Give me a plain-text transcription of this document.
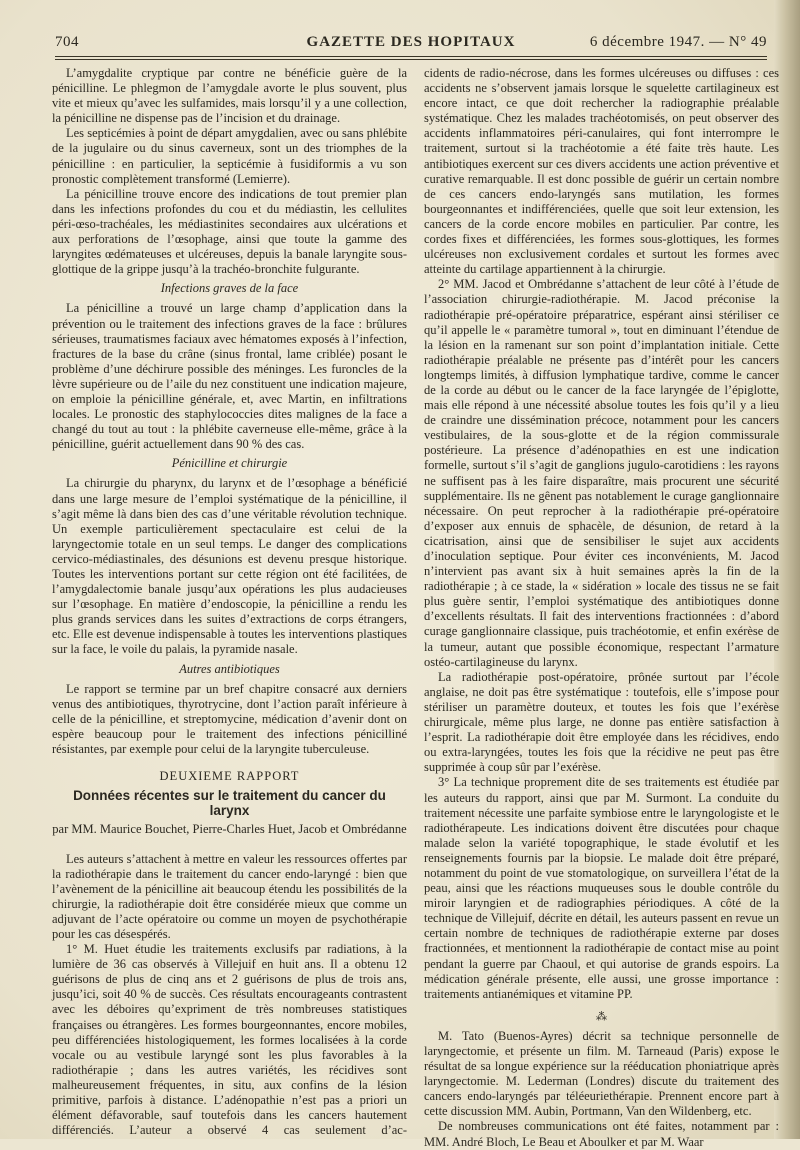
704	GAZETTE DES HOPITAUX	6 décembre 1947. — N° 49

L’amygdalite cryptique par contre ne bénéficie guère de la pénicilline. Le phlegmon de l’amygdale avorte le plus souvent, plus vite et mieux qu’avec les sulfamides, mais lorsqu’il y a une collection, la pénicilline ne dispense pas de l’incision et du drainage.

Les septicémies à point de départ amygdalien, avec ou sans phlébite de la jugulaire ou du sinus caverneux, sont un des triomphes de la pénicilline : en particulier, la septicémie à fusidiformis a vu son pronostic complètement transformé (Lemierre).

La pénicilline trouve encore des indications de tout premier plan dans les infections profondes du cou et du médiastin, les cellulites péri-œso-trachéales, les médiastinites secondaires aux ulcérations et aux perforations de l’œsophage, ainsi que toute la gamme des laryngites œdémateuses et ulcéreuses, depuis la banale laryngite sous-glottique de la grippe jusqu’à la trachéo-bronchite fulgurante.

Infections graves de la face

La pénicilline a trouvé un large champ d’application dans la prévention ou le traitement des infections graves de la face : brûlures sérieuses, traumatismes faciaux avec hématomes exposés à l’infection, fractures de la base du crâne (sinus frontal, lame criblée) posant le problème d’une déchirure possible des méninges. Les furoncles de la lèvre supérieure ou de l’aile du nez constituent une indication majeure, on emploie la pénicilline générale, et, avec Martin, en infiltrations locales. Le pronostic des staphylococcies dites malignes de la face a changé du tout au tout : la phlébite caverneuse elle-même, grâce à la pénicilline, guérit actuellement dans 90 % des cas.

Pénicilline et chirurgie

La chirurgie du pharynx, du larynx et de l’œsophage a bénéficié dans une large mesure de l’emploi systématique de la pénicilline, il s’agit même là dans bien des cas d’une véritable révolution technique. Un exemple particulièrement spectaculaire est celui de la laryngectomie totale en un seul temps. Le danger des complications cervico-médiastinales, des désunions est devenu presque historique. Toutes les interventions portant sur cette région ont été facilitées, de l’amygdalectomie banale jusqu’aux opérations les plus audacieuses sur l’œsophage. En matière d’endoscopie, la pénicilline a rendu les plus grands services dans les suites d’extractions de corps étrangers, etc. Elle est devenue indispensable à toutes les interventions plastiques sur la face, le voile du palais, la pyramide nasale.

Autres antibiotiques

Le rapport se termine par un bref chapitre consacré aux derniers venus des antibiotiques, thyrotrycine, dont l’action paraît inférieure à celle de la pénicilline, et streptomycine, médication d’avenir dont on espère beaucoup pour le traitement des infections pénicilliné résistantes, par exemple pour celui de la laryngite tuberculeuse.

DEUXIEME RAPPORT

Données récentes sur le traitement du cancer du larynx

par MM. Maurice Bouchet, Pierre-Charles Huet, Jacob et Ombrédanne

Les auteurs s’attachent à mettre en valeur les ressources offertes par la radiothérapie dans le traitement du cancer endo-laryngé : bien que l’avènement de la pénicilline ait beaucoup étendu les possibilités de la chirurgie, la radiothérapie doit être considérée mieux que comme un adjuvant de l’acte opératoire ou comme un moyen de psychothérapie pour les cas désespérés.

1° M. Huet étudie les traitements exclusifs par radiations, à la lumière de 36 cas observés à Villejuif en huit ans. Il a obtenu 12 guérisons de plus de cinq ans et 2 guérisons de plus de trois ans, jusqu’ici, soit 40 % de succès. Ces résultats encourageants contrastent avec les déboires qu’expriment de très nombreuses statistiques françaises ou étrangères. Les formes bourgeonnantes, encore mobiles, peu différenciées histologiquement, les formes localisées à la corde vocale ou au vestibule laryngé sont les plus favorables à la radiothérapie ; dans les autres variétés, les récidives sont malheureusement fréquentes, in situ, aux confins de la lésion primitive, parfois à distance. L’adénopathie n’est pas a priori un élément défavorable, sauf toutefois dans les cancers hautement différenciés. L’auteur a observé 4 cas seulement d’ac-

cidents de radio-nécrose, dans les formes ulcéreuses ou diffuses : ces accidents ne s’observent jamais lorsque le squelette cartilagineux est encore intact, ce que doit rechercher la radiographie préalable systématique. Chez les malades trachéotomisés, on peut observer des accidents inflammatoires péri-canulaires, qui font interrompre le traitement, surtout si la trachéotomie a été faite très haute. Les antibiotiques exercent sur ces divers accidents une action préventive et curative remarquable. Il est donc possible de guérir un certain nombre de ces cancers endo-laryngés sans mutilation, les formes bourgeonnantes et indifférenciées, quelle que soit leur extension, les cancers de la corde encore mobiles en particulier. Par contre, les cordes fixes et différenciées, les formes sous-glottiques, les formes ulcéreuses non exclusivement cordales et surtout les formes avec atteinte du cartilage appartiennent à la chirurgie.

2° MM. Jacod et Ombrédanne s’attachent de leur côté à l’étude de l’association chirurgie-radiothérapie. M. Jacod préconise la radiothérapie pré-opératoire préparatrice, espérant ainsi stériliser ce qu’il appelle le « paramètre tumoral », tout en diminuant l’étendue de la lésion en la ramenant sur son point d’implantation initiale. Cette radiothérapie préalable ne présente pas d’intérêt pour les cancers longtemps limités, à diffusion lymphatique tardive, comme le cancer de la corde au début ou le cancer de la face laryngée de l’épiglotte, mais elle répond à une nécessité absolue toutes les fois qu’il y a lieu de craindre une dissémination précoce, notamment pour les cancers vestibulaires, de la sous-glotte et de la région commissurale postérieure. La présence d’adénopathies en est une indication formelle, surtout s’il s’agit de ganglions jugulo-carotidiens : les rayons ne suffisent pas à les faire disparaître, mais procurent une sécurité supplémentaire. Ils ne gênent pas notablement le curage ganglionnaire nécessaire. On peut reprocher à la radiothérapie pré-opératoire d’exposer aux ennuis de sphacèle, de désunion, de retard à la cicatrisation, ainsi que de sensibiliser le sujet aux accidents d’inoculation septique. Pour éviter ces inconvénients, M. Jacod n’intervient pas avant six à huit semaines après la fin de la radiothérapie ; à ce stade, la « sidération » locale des tissus ne se fait plus guère sentir, l’emploi systématique des antibiotiques donne d’excellents résultats. Il fait des interventions fractionnées : d’abord curage ganglionnaire classique, puis trachéotomie, et enfin exérèse de la tumeur, autant que possible économique, respectant l’armature ostéo-cartilagineuse du larynx.

La radiothérapie post-opératoire, prônée surtout par l’école anglaise, ne doit pas être systématique : toutefois, elle s’impose pour stériliser un paramètre douteux, et toutes les fois que l’exérèse chirurgicale, même plus large, ne donne pas entière satisfaction à l’esprit. La radiothérapie doit être employée dans les récidives, endo ou extra-laryngées, toutes les fois que la récidive ne peut pas être supprimée à coup sûr par l’exérèse.

3° La technique proprement dite de ses traitements est étudiée par les auteurs du rapport, ainsi que par M. Surmont. La conduite du traitement nécessite une parfaite symbiose entre le laryngologiste et le radiothérapeute. Les indications doivent être discutées pour chaque malade selon la variété topographique, le stade évolutif et les renseignements fournis par la biopsie. Le malade doit être préparé, notamment du point de vue stomatologique, on surveillera l’état de la peau, ainsi que les réactions muqueuses sous le double contrôle du miroir laryngien et de radiographies périodiques. A côté de la technique de Villejuif, décrite en détail, les auteurs passent en revue un certain nombre de techniques de radiothérapie externe par doses fractionnées, et mentionnent la radiothérapie de contact mise au point pendant la guerre par Chaoul, et qui autorise de grands espoirs. La médication générale présente, elle aussi, une grosse importance : traitements antianémiques et vitamine PP.

⁂

M. Tato (Buenos-Ayres) décrit sa technique personnelle de laryngectomie, et présente un film. M. Tarneaud (Paris) expose le résultat de sa longue expérience sur la rééducation phoniatrique après laryngectomie. M. Lederman (Londres) discute du traitement des cancers endo-laryngés par téléeuriethérapie. Prennent encore part à cette discussion MM. Aubin, Portmann, Van den Wildenberg, etc.

De nombreuses communications ont été faites, notamment par : MM. André Bloch, Le Beau et Aboulker et par M. Waar
